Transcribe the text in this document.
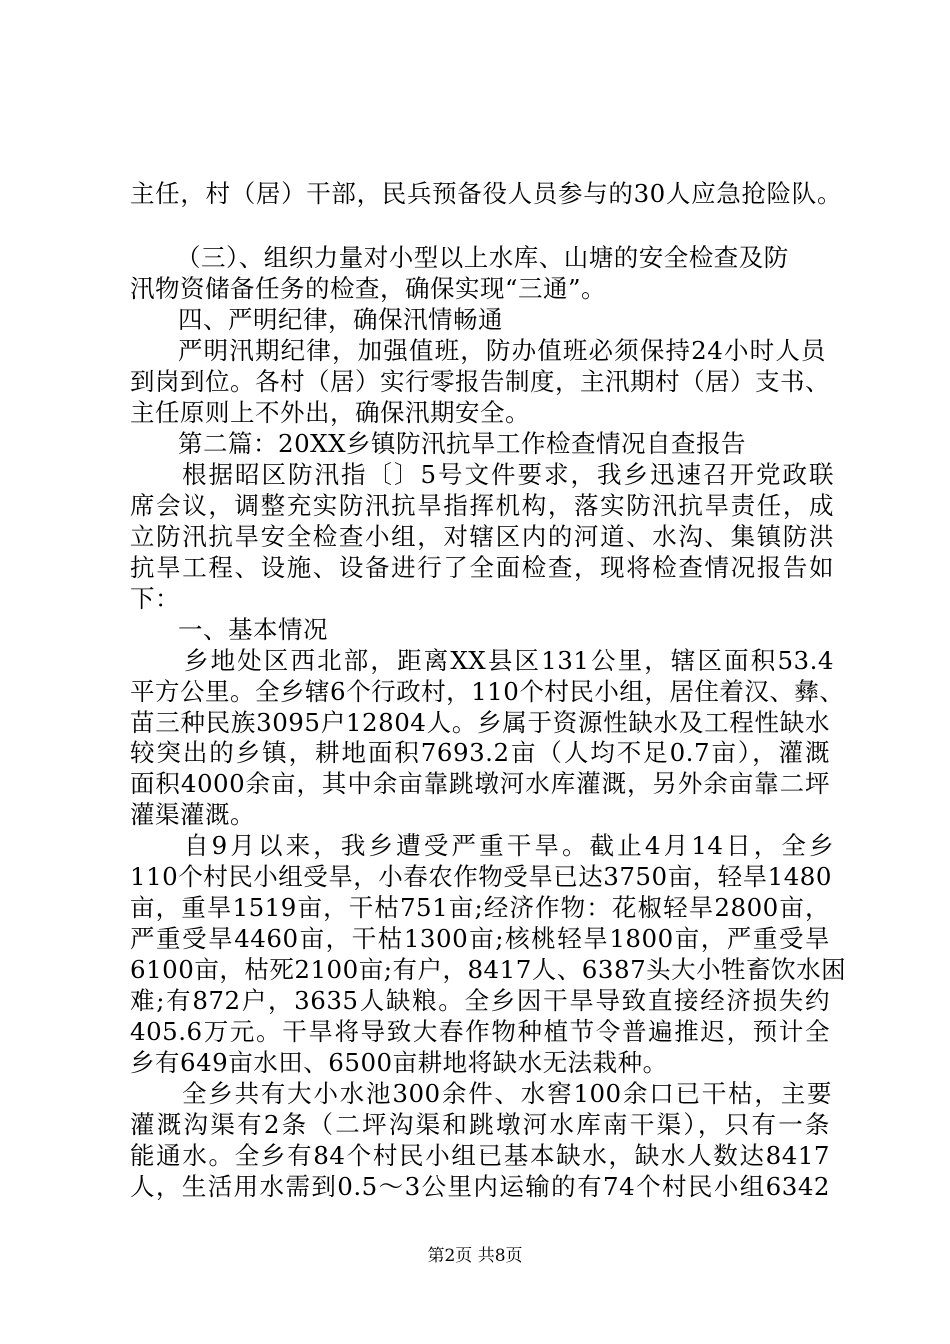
主任，村（居）干部，民兵预备役人员参与的30人应急抢险队。
（三）、组织力量对小型以上水库、山塘的安全检查及防
汛物资储备任务的检查，确保实现“三通”。
四、严明纪律，确保汛情畅通
严明汛期纪律，加强值班，防办值班必须保持24小时人员
到岗到位。各村（居）实行零报告制度，主汛期村（居）支书、
主任原则上不外出，确保汛期安全。
第二篇：20XX乡镇防汛抗旱工作检查情况自查报告
根据昭区防汛指〔〕5号文件要求，我乡迅速召开党政联
席会议，调整充实防汛抗旱指挥机构，落实防汛抗旱责任，成
立防汛抗旱安全检查小组，对辖区内的河道、水沟、集镇防洪
抗旱工程、设施、设备进行了全面检查，现将检查情况报告如
下：
一、基本情况
乡地处区西北部，距离XX县区131公里，辖区面积53.4
平方公里。全乡辖6个行政村，110个村民小组，居住着汉、彝、
苗三种民族3095户12804人。乡属于资源性缺水及工程性缺水
较突出的乡镇，耕地面积7693.2亩（人均不足0.7亩），灌溉
面积4000余亩，其中余亩靠跳墩河水库灌溉，另外余亩靠二坪
灌渠灌溉。
自9月以来，我乡遭受严重干旱。截止4月14日，全乡
110个村民小组受旱，小春农作物受旱已达3750亩，轻旱1480
亩，重旱1519亩，干枯751亩;经济作物：花椒轻旱2800亩，
严重受旱4460亩，干枯1300亩;核桃轻旱1800亩，严重受旱
6100亩，枯死2100亩;有户，8417人、6387头大小牲畜饮水困
难;有872户，3635人缺粮。全乡因干旱导致直接经济损失约
405.6万元。干旱将导致大春作物种植节令普遍推迟，预计全
乡有649亩水田、6500亩耕地将缺水无法栽种。
全乡共有大小水池300余件、水窖100余口已干枯，主要
灌溉沟渠有2条（二坪沟渠和跳墩河水库南干渠），只有一条
能通水。全乡有84个村民小组已基本缺水，缺水人数达8417
人，生活用水需到0.5～3公里内运输的有74个村民小组6342
第2页 共8页
